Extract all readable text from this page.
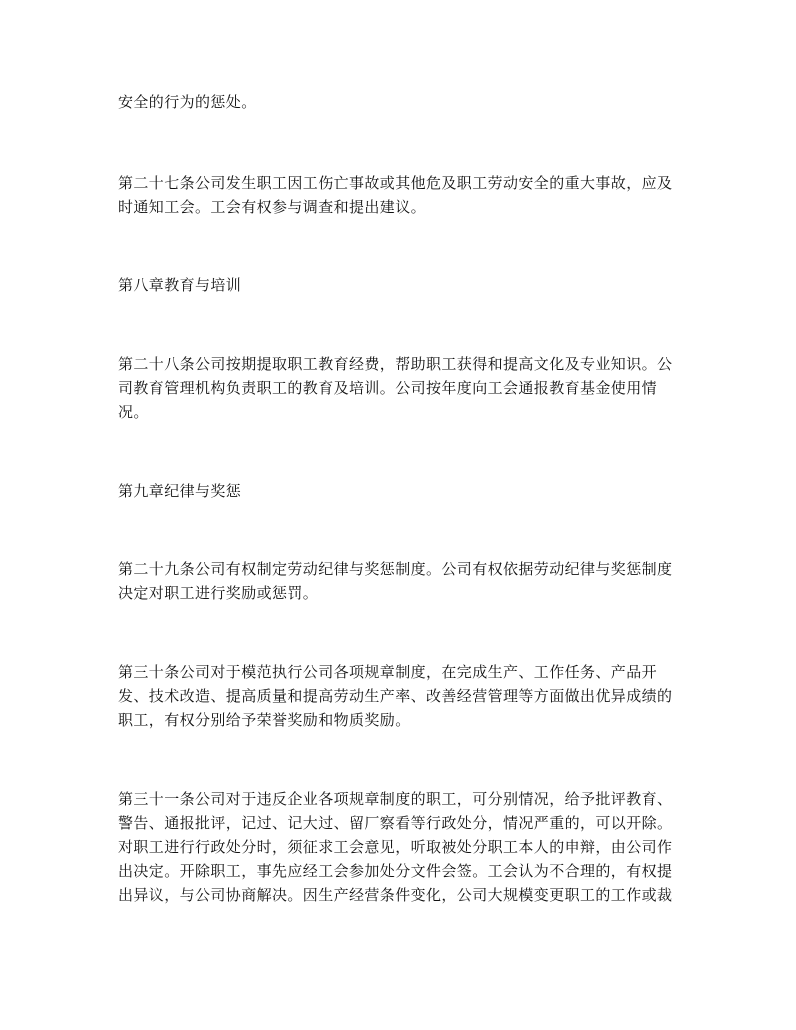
安全的行为的惩处。

第二十七条公司发生职工因工伤亡事故或其他危及职工劳动安全的重大事故，应及
时通知工会。工会有权参与调查和提出建议。

第八章教育与培训

第二十八条公司按期提取职工教育经费，帮助职工获得和提高文化及专业知识。公
司教育管理机构负责职工的教育及培训。公司按年度向工会通报教育基金使用情
况。

第九章纪律与奖惩

第二十九条公司有权制定劳动纪律与奖惩制度。公司有权依据劳动纪律与奖惩制度
决定对职工进行奖励或惩罚。

第三十条公司对于模范执行公司各项规章制度，在完成生产、工作任务、产品开
发、技术改造、提高质量和提高劳动生产率、改善经营管理等方面做出优异成绩的
职工，有权分别给予荣誉奖励和物质奖励。

第三十一条公司对于违反企业各项规章制度的职工，可分别情况，给予批评教育、
警告、通报批评，记过、记大过、留厂察看等行政处分，情况严重的，可以开除。
对职工进行行政处分时，须征求工会意见，听取被处分职工本人的申辩，由公司作
出决定。开除职工，事先应经工会参加处分文件会签。工会认为不合理的，有权提
出异议，与公司协商解决。因生产经营条件变化，公司大规模变更职工的工作或裁
